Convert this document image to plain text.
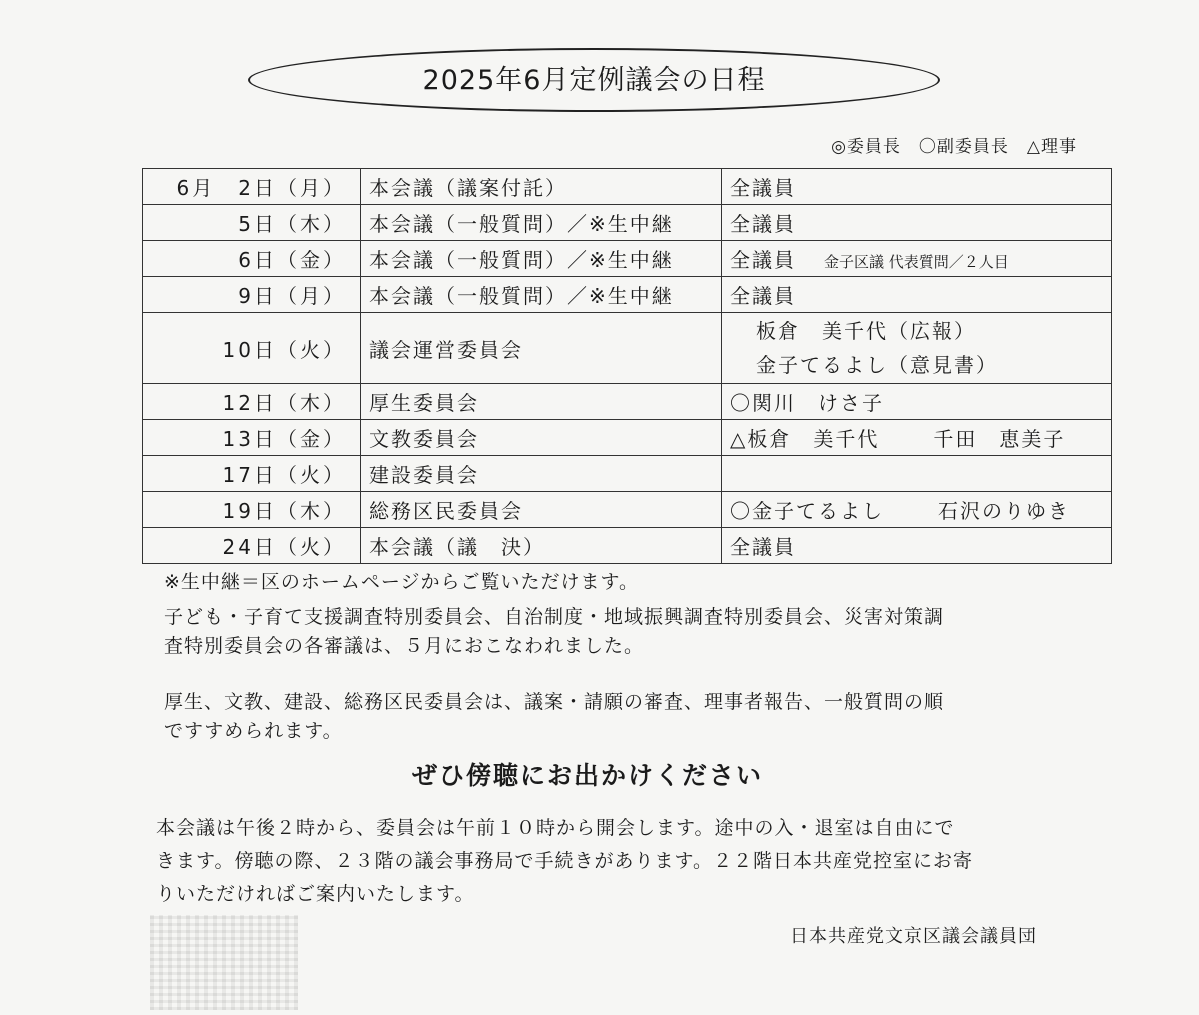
2025年6月定例議会の日程
◎委員長　〇副委員長　△理事
6月　2日（月）	本会議（議案付託）	全議員
5日（木）	本会議（一般質問）／※生中継	全議員
6日（金）	本会議（一般質問）／※生中継	全議員 金子区議 代表質問／２人目
9日（月）	本会議（一般質問）／※生中継	全議員
10日（火）	議会運営委員会	板倉　美千代（広報）
金子てるよし（意見書）

12日（木）	厚生委員会	〇関川　けさ子
13日（金）	文教委員会	△板倉　美千代 千田　恵美子
17日（火）	建設委員会	
19日（木）	総務区民委員会	〇金子てるよし 石沢のりゆき
24日（火）	本会議（議　決）	全議員
※生中継＝区のホームページからご覧いただけます。
子ども・子育て支援調査特別委員会、自治制度・地域振興調査特別委員会、災害対策調
査特別委員会の各審議は、５月におこなわれました。
厚生、文教、建設、総務区民委員会は、議案・請願の審査、理事者報告、一般質問の順
ですすめられます。
ぜひ傍聴にお出かけください
本会議は午後２時から、委員会は午前１０時から開会します。途中の入・退室は自由にで
きます。傍聴の際、２３階の議会事務局で手続きがあります。２２階日本共産党控室にお寄
りいただければご案内いたします。
日本共産党文京区議会議員団
